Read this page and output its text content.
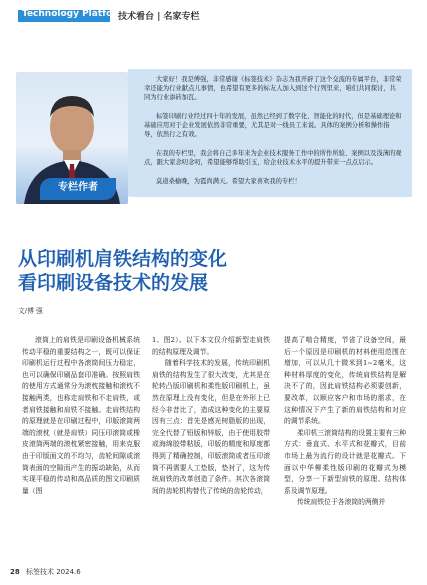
Technology Platform
技术看台 | 名家专栏
专栏作者

大家好！我是傅强，非常感谢《标签技术》杂志为我开辟了这个交流的专属平台，非常荣幸还能为行业献点儿事情，也希望有更多的标友人加入到这个行列里来，咱们共同探讨，共同为行业添砖加瓦。

标签印刷行业经过四十年的发展，虽然已经到了数字化、智能化的时代，但是基础理论和基础应用对于企业发展依然非常重要，尤其是对一线员工来说。具体的案例分析和操作指导，依然行之有效。

在我的专栏里，我会将自己多年来为企业技术服务工作中的所作所验、案例以及浅薄的观点，跟大家念叨念叨，希望能够帮助引玉，给企业技术水平的提升带来一点点启示。

莫道桑榆晚，为霞尚满天。希望大家喜欢我的专栏！

从印刷机肩铁结构的变化
看印刷设备技术的发展
文/傅 强

滚筒上的肩铁是印刷设备机械系统传动平稳的重要结构之一，既可以保证印刷机运行过程中各滚筒间压力稳定，也可以确保印刷品套印准确。按照肩铁的使用方式通常分为滚枕接触和滚枕不接触两类，也称走肩铁和不走肩铁，或者肩铁接触和肩铁不接触。走肩铁结构的原理就是在印刷过程中，印版滚筒两端的滚枕（就是肩铁）同压印滚筒或橡皮滚筒两端的滚枕紧密接触，用来克服由于印版面文的不均匀，齿轮间隙或滚筒表面的空隙而产生的振动缺陷，从而实现平稳的传动和高品质的图文印刷质量（图

1、图2）。以下本文仅介绍新型走肩铁的结构原理及调节。

随着科学技术的发展，传统印刷机肩铁的结构发生了很大改变，尤其是在轮转凸版印刷机和柔性版印刷机上，虽然在原理上没有变化，但是在外形上已经今非昔比了，造成这种变化的主要原因有三点：首先是感光树脂版的出现，完全代替了铅版和锌版，由于使用胶带或海绵胶带粘版，印版的精度和厚度都得到了精确控制，印版滚筒或者压印滚筒不再需要人工垫版，垫衬了，这为传统肩铁的改革创造了条件。其次各滚筒间的齿轮机构替代了传统的齿轮传动，

提高了啮合精度，节省了设备空间，最后一个原因是印刷机的材料使用范围在增加，可以从几十微米到1~2毫米，这种材料厚度的变化，传统肩铁结构是解决不了的，因此肩铁结构必须要创新，要改革，以顺应客户和市场的需求，在这种情况下产生了新的肩铁结构和对应的调节系统。

柔印机三滚筒结构的设置主要有三种方式：垂直式、水平式和花瓣式，目前市场上最为流行的设计就是花瓣式。下面以中华柳柔性版印刷的花瓣式为模型，分享一下新型肩铁的原理、结构体系及调节原理。

传统肩铁位于各滚筒的两侧并

28 标签技术 2024.6
